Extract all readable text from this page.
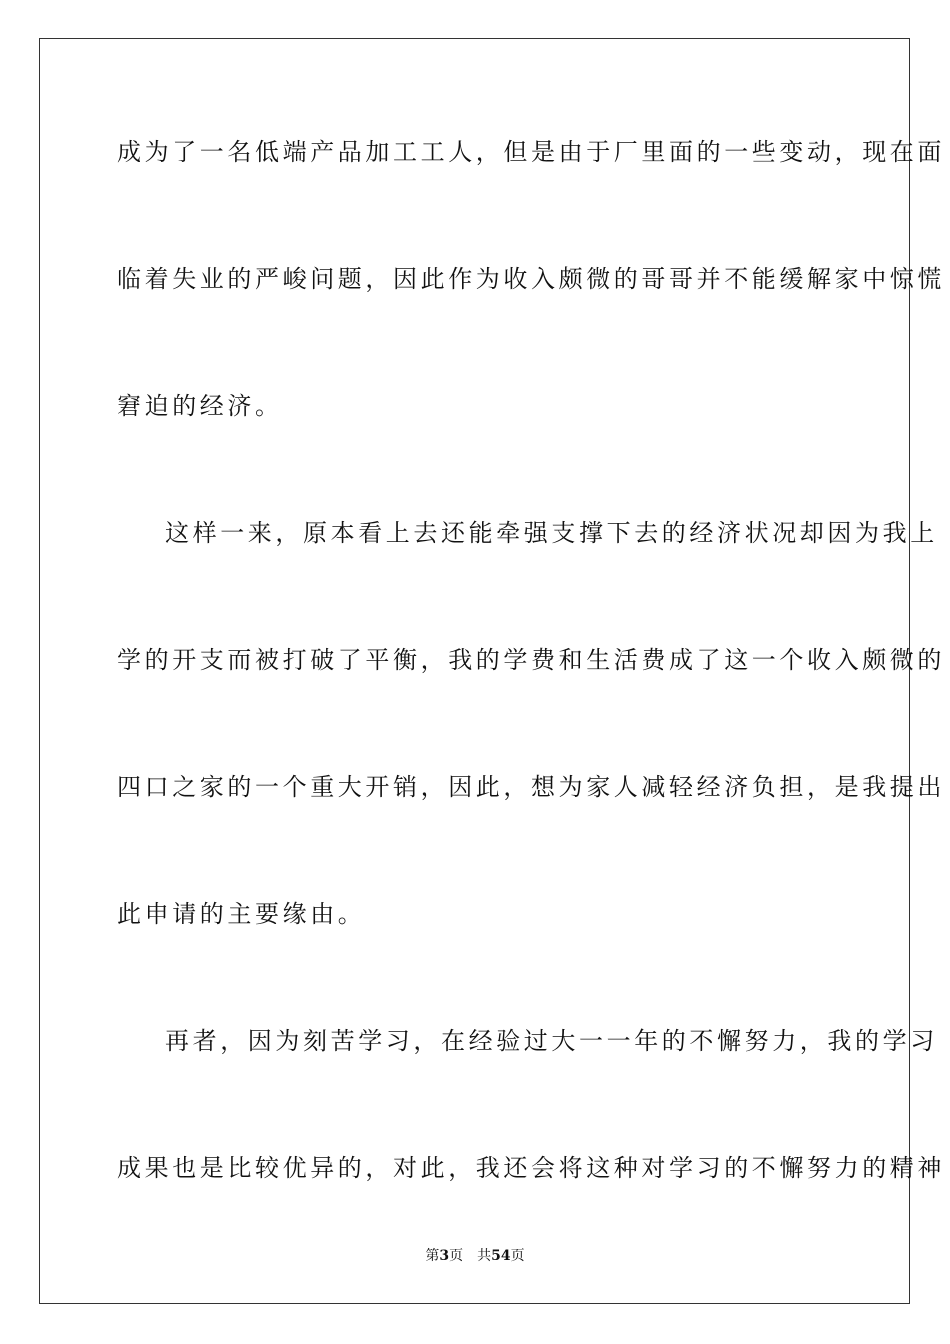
成为了一名低端产品加工工人，但是由于厂里面的一些变动，现在面
临着失业的严峻问题，因此作为收入颇微的哥哥并不能缓解家中惊慌
窘迫的经济。
这样一来，原本看上去还能牵强支撑下去的经济状况却因为我上
学的开支而被打破了平衡，我的学费和生活费成了这一个收入颇微的
四口之家的一个重大开销，因此，想为家人减轻经济负担，是我提出
此申请的主要缘由。
再者，因为刻苦学习，在经验过大一一年的不懈努力，我的学习
成果也是比较优异的，对此，我还会将这种对学习的不懈努力的精神
第3页 共54页
